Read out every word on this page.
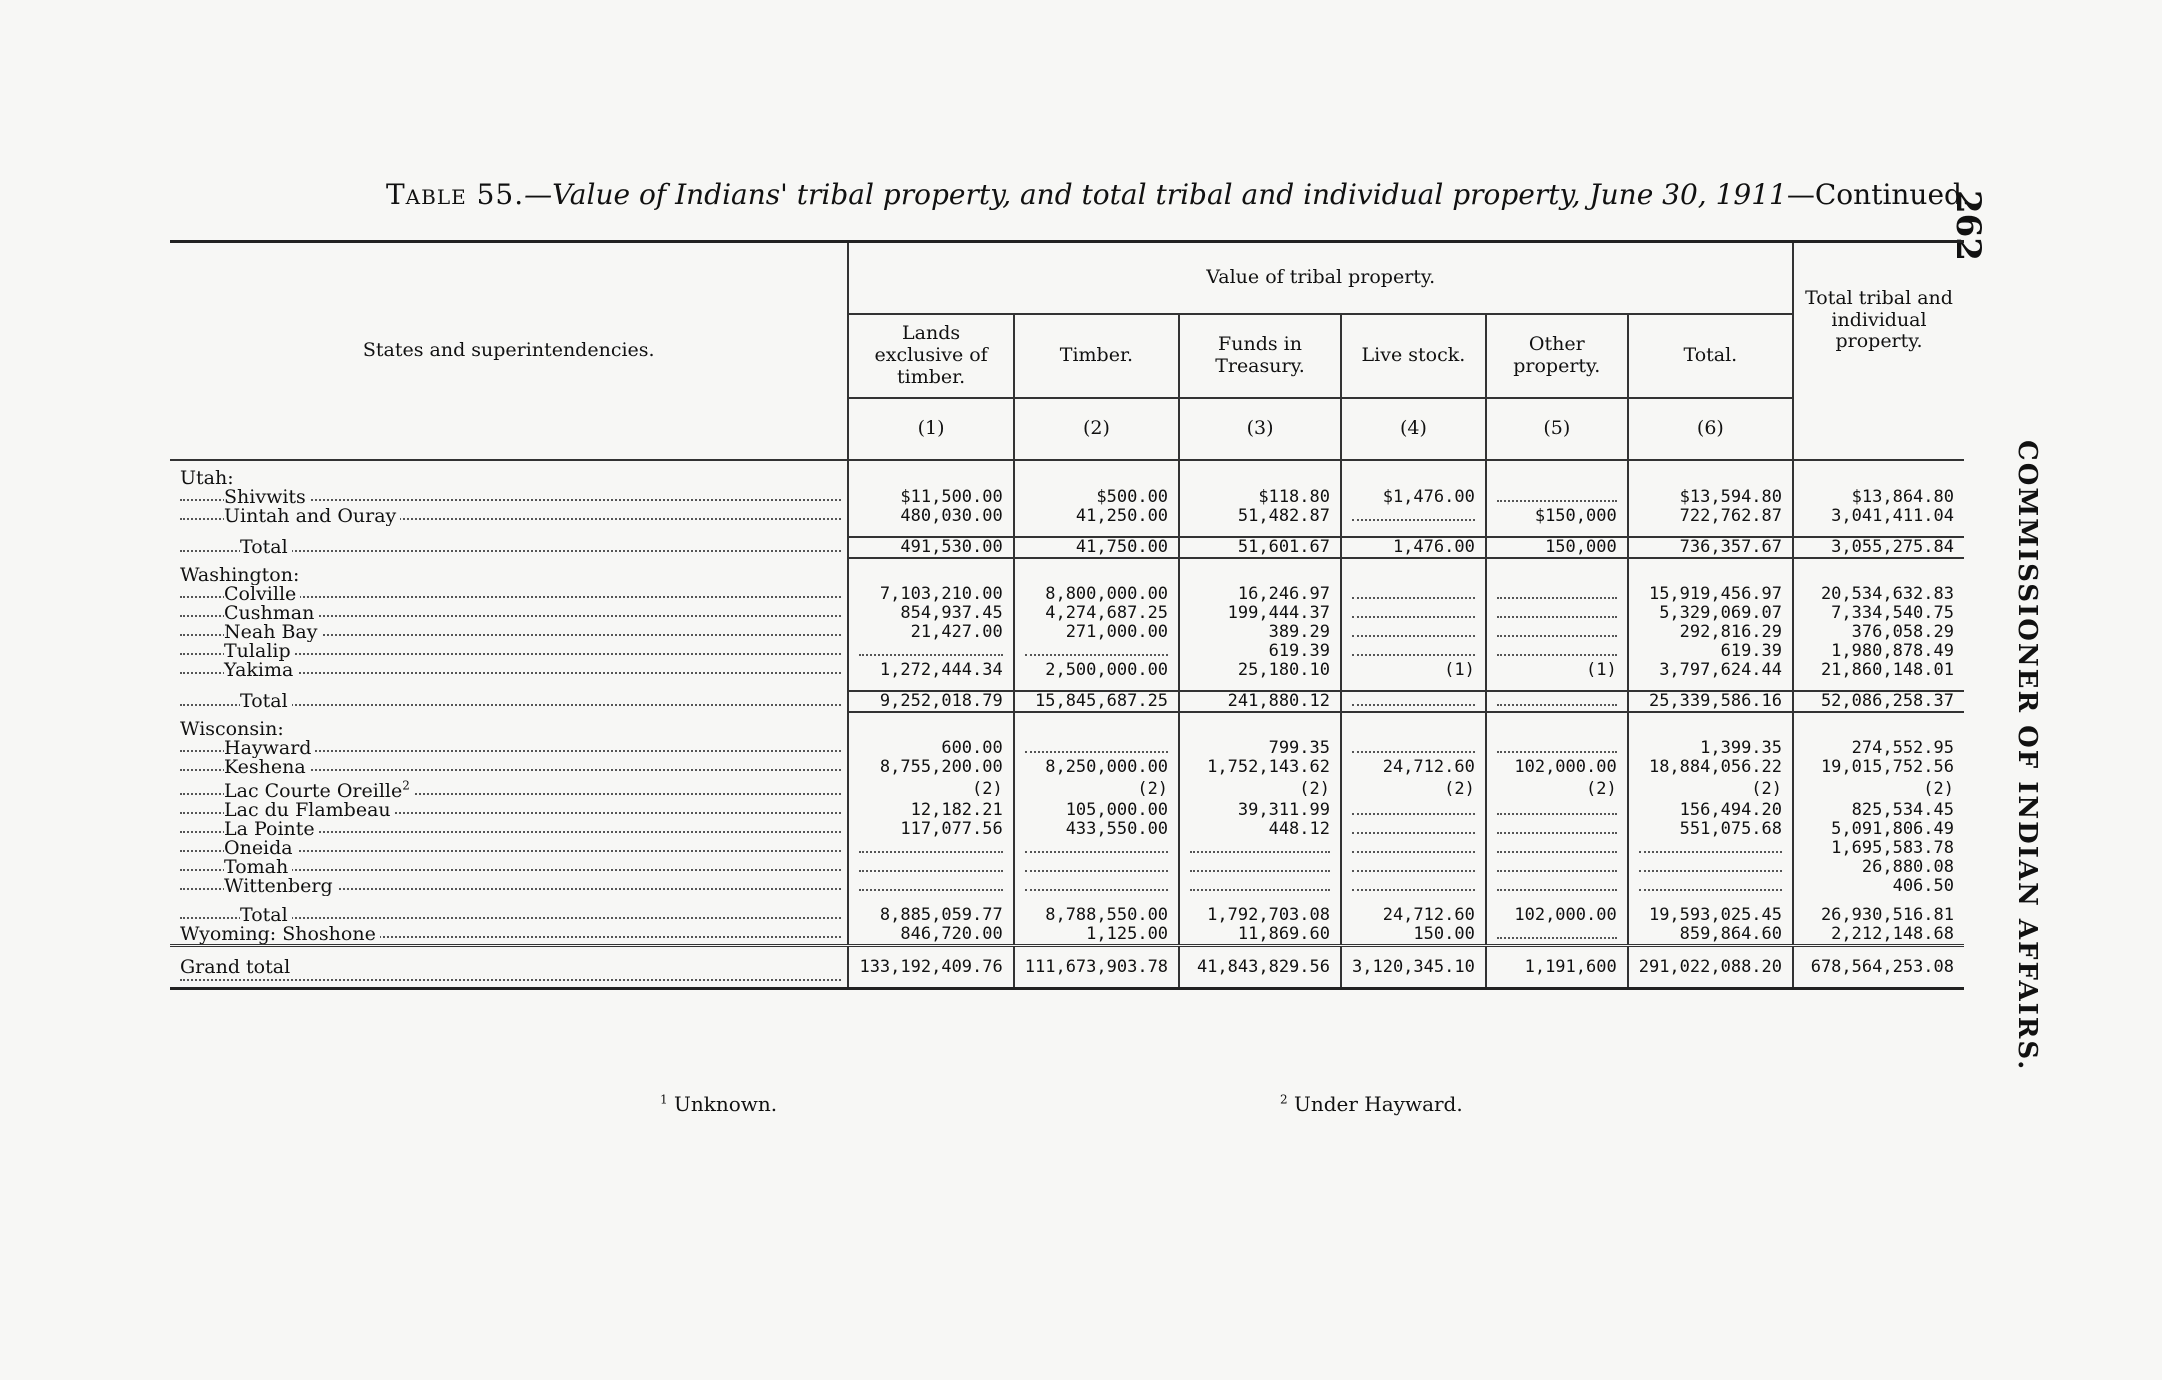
Table 55.—Value of Indians' tribal property, and total tribal and individual property, June 30, 1911—Continued.
262
COMMISSIONER OF INDIAN AFFAIRS.
States and superintendencies.	Value of tribal property.						Total tribal and individual property.
	Lands exclusive of timber.	Timber.	Funds in Treasury.	Live stock.	Other property.	Total.	
	(1)	(2)	(3)	(4)	(5)	(6)	
Utah:							
Shivwits	$11,500.00	$500.00	$118.80	$1,476.00		$13,594.80	$13,864.80
Uintah and Ouray	480,030.00	41,250.00	51,482.87		$150,000	722,762.87	3,041,411.04

Total	491,530.00	41,750.00	51,601.67	1,476.00	150,000	736,357.67	3,055,275.84
Washington:							
Colville	7,103,210.00	8,800,000.00	16,246.97			15,919,456.97	20,534,632.83
Cushman	854,937.45	4,274,687.25	199,444.37			5,329,069.07	7,334,540.75
Neah Bay	21,427.00	271,000.00	389.29			292,816.29	376,058.29
Tulalip			619.39			619.39	1,980,878.49
Yakima	1,272,444.34	2,500,000.00	25,180.10	(1)	(1)	3,797,624.44	21,860,148.01

Total	9,252,018.79	15,845,687.25	241,880.12			25,339,586.16	52,086,258.37
Wisconsin:							
Hayward	600.00		799.35			1,399.35	274,552.95
Keshena	8,755,200.00	8,250,000.00	1,752,143.62	24,712.60	102,000.00	18,884,056.22	19,015,752.56
Lac Courte Oreille$^2$	(2)	(2)	(2)	(2)	(2)	(2)	(2)
Lac du Flambeau	12,182.21	105,000.00	39,311.99			156,494.20	825,534.45
La Pointe	117,077.56	433,550.00	448.12			551,075.68	5,091,806.49
Oneida							1,695,583.78
Tomah							26,880.08
Wittenberg							406.50

Total	8,885,059.77	8,788,550.00	1,792,703.08	24,712.60	102,000.00	19,593,025.45	26,930,516.81
Wyoming: Shoshone	846,720.00	1,125.00	11,869.60	150.00		859,864.60	2,212,148.68
Grand total	133,192,409.76	111,673,903.78	41,843,829.56	3,120,345.10	1,191,600	291,022,088.20	678,564,253.08
$^1$ Unknown.	$^2$ Under Hayward.
